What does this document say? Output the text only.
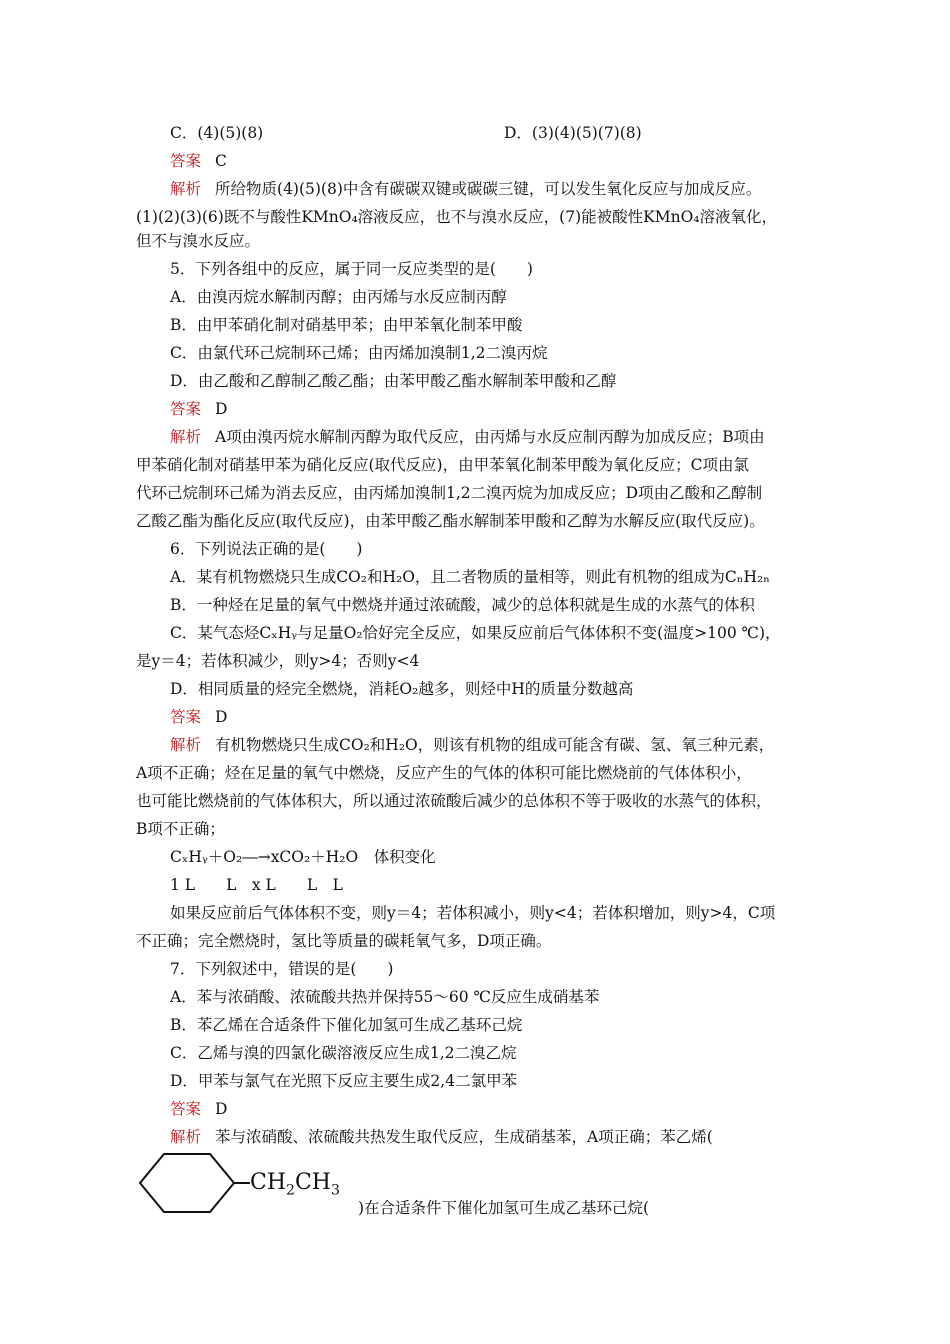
C．(4)(5)(8)	D．(3)(4)(5)(7)(8)
答案 C
解析 所给物质(4)(5)(8)中含有碳碳双键或碳碳三键，可以发生氧化反应与加成反应。
(1)(2)(3)(6)既不与酸性KMnO₄溶液反应，也不与溴水反应，(7)能被酸性KMnO₄溶液氧化，
但不与溴水反应。
5．下列各组中的反应，属于同一反应类型的是(　　)
A．由溴丙烷水解制丙醇；由丙烯与水反应制丙醇
B．由甲苯硝化制对硝基甲苯；由甲苯氧化制苯甲酸
C．由氯代环己烷制环己烯；由丙烯加溴制1,2二溴丙烷
D．由乙酸和乙醇制乙酸乙酯；由苯甲酸乙酯水解制苯甲酸和乙醇
答案 D
解析 A项由溴丙烷水解制丙醇为取代反应，由丙烯与水反应制丙醇为加成反应；B项由
甲苯硝化制对硝基甲苯为硝化反应(取代反应)，由甲苯氧化制苯甲酸为氧化反应；C项由氯
代环己烷制环己烯为消去反应，由丙烯加溴制1,2二溴丙烷为加成反应；D项由乙酸和乙醇制
乙酸乙酯为酯化反应(取代反应)，由苯甲酸乙酯水解制苯甲酸和乙醇为水解反应(取代反应)。
6．下列说法正确的是(　　)
A．某有机物燃烧只生成CO₂和H₂O，且二者物质的量相等，则此有机物的组成为CₙH₂ₙ
B．一种烃在足量的氧气中燃烧并通过浓硫酸，减少的总体积就是生成的水蒸气的体积
C．某气态烃CₓHᵧ与足量O₂恰好完全反应，如果反应前后气体体积不变(温度>100 ℃)，
是y＝4；若体积减少，则y>4；否则y<4
D．相同质量的烃完全燃烧，消耗O₂越多，则烃中H的质量分数越高
答案 D
解析 有机物燃烧只生成CO₂和H₂O，则该有机物的组成可能含有碳、氢、氧三种元素，
A项不正确；烃在足量的氧气中燃烧，反应产生的气体的体积可能比燃烧前的气体体积小，
也可能比燃烧前的气体体积大，所以通过浓硫酸后减少的总体积不等于吸收的水蒸气的体积，
B项不正确；
CₓHᵧ＋O₂―→xCO₂＋H₂O　体积变化
1 L　　L　x L　　L　L
如果反应前后气体体积不变，则y＝4；若体积减小，则y<4；若体积增加，则y>4，C项
不正确；完全燃烧时，氢比等质量的碳耗氧气多，D项正确。
7．下列叙述中，错误的是(　　)
A．苯与浓硝酸、浓硫酸共热并保持55～60 ℃反应生成硝基苯
B．苯乙烯在合适条件下催化加氢可生成乙基环己烷
C．乙烯与溴的四氯化碳溶液反应生成1,2二溴乙烷
D．甲苯与氯气在光照下反应主要生成2,4二氯甲苯
答案 D
解析 苯与浓硝酸、浓硫酸共热发生取代反应，生成硝基苯，A项正确；苯乙烯(
$CH_2CH_3$
)在合适条件下催化加氢可生成乙基环己烷(
